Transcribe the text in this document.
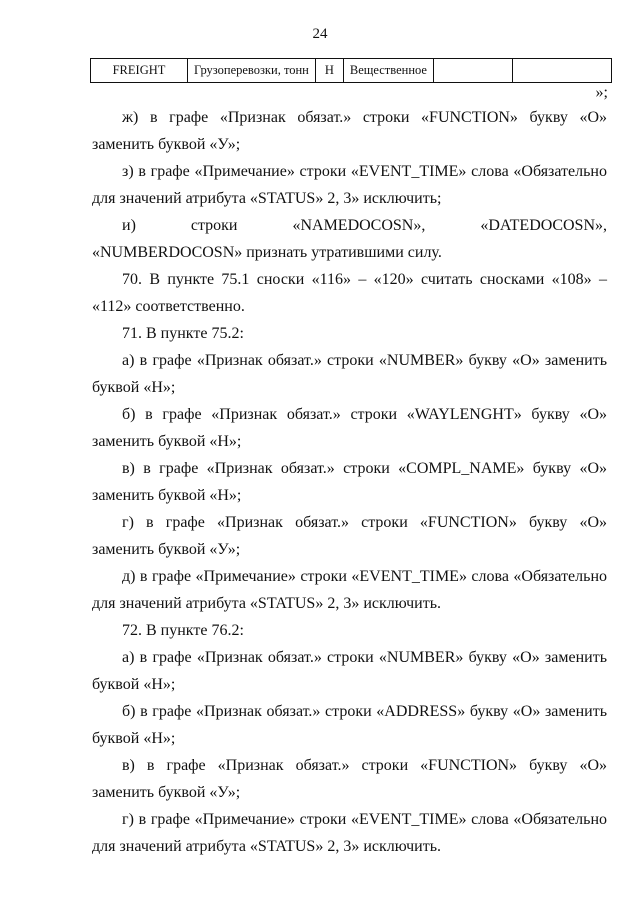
24
FREIGHT	Грузоперевозки, тонн	Н	Вещественное		
»;

ж) в графе «Признак обязат.» строки «FUNCTION» букву «О» заменить буквой «У»;

з) в графе «Примечание» строки «EVENT_TIME» слова «Обязательно для значений атрибута «STATUS» 2, 3» исключить;

и) строки «NAMEDOCOSN», «DATEDOCOSN», «NUMBERDOCOSN» признать утратившими силу.

70. В пункте 75.1 сноски «116» – «120» считать сносками «108» – «112» соответственно.

71. В пункте 75.2:

а) в графе «Признак обязат.» строки «NUMBER» букву «О» заменить буквой «Н»;

б) в графе «Признак обязат.» строки «WAYLENGHT» букву «О» заменить буквой «Н»;

в) в графе «Признак обязат.» строки «COMPL_NAME» букву «О» заменить буквой «Н»;

г) в графе «Признак обязат.» строки «FUNCTION» букву «О» заменить буквой «У»;

д) в графе «Примечание» строки «EVENT_TIME» слова «Обязательно для значений атрибута «STATUS» 2, 3» исключить.

72. В пункте 76.2:

а) в графе «Признак обязат.» строки «NUMBER» букву «О» заменить буквой «Н»;

б) в графе «Признак обязат.» строки «ADDRESS» букву «О» заменить буквой «Н»;

в) в графе «Признак обязат.» строки «FUNCTION» букву «О» заменить буквой «У»;

г) в графе «Примечание» строки «EVENT_TIME» слова «Обязательно для значений атрибута «STATUS» 2, 3» исключить.
